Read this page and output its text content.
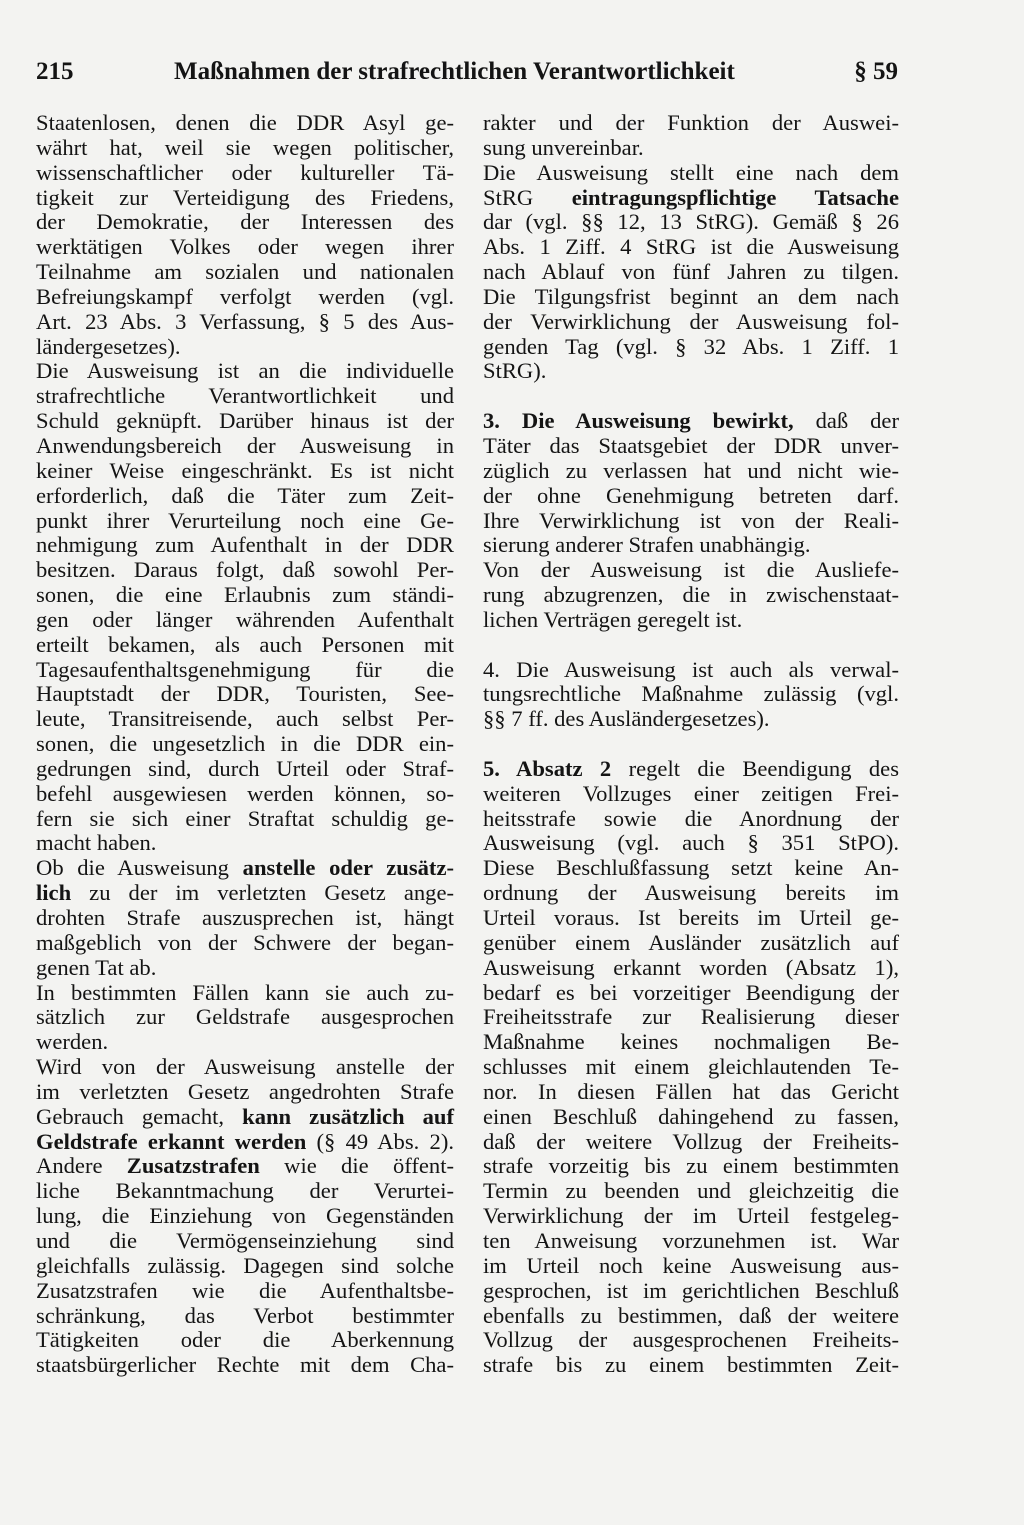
215	Maßnahmen der strafrechtlichen Verantwortlichkeit	§ 59
Staatenlosen, denen die DDR Asyl ge-
währt hat, weil sie wegen politischer,
wissenschaftlicher oder kultureller Tä-
tigkeit zur Verteidigung des Friedens,
der Demokratie, der Interessen des
werktätigen Volkes oder wegen ihrer
Teilnahme am sozialen und nationalen
Befreiungskampf verfolgt werden (vgl.
Art. 23 Abs. 3 Verfassung, § 5 des Aus-
ländergesetzes).
Die Ausweisung ist an die individuelle
strafrechtliche Verantwortlichkeit und
Schuld geknüpft. Darüber hinaus ist der
Anwendungsbereich der Ausweisung in
keiner Weise eingeschränkt. Es ist nicht
erforderlich, daß die Täter zum Zeit-
punkt ihrer Verurteilung noch eine Ge-
nehmigung zum Aufenthalt in der DDR
besitzen. Daraus folgt, daß sowohl Per-
sonen, die eine Erlaubnis zum ständi-
gen oder länger währenden Aufenthalt
erteilt bekamen, als auch Personen mit
Tagesaufenthaltsgenehmigung für die
Hauptstadt der DDR, Touristen, See-
leute, Transitreisende, auch selbst Per-
sonen, die ungesetzlich in die DDR ein-
gedrungen sind, durch Urteil oder Straf-
befehl ausgewiesen werden können, so-
fern sie sich einer Straftat schuldig ge-
macht haben.
Ob die Ausweisung anstelle oder zusätz-
lich zu der im verletzten Gesetz ange-
drohten Strafe auszusprechen ist, hängt
maßgeblich von der Schwere der began-
genen Tat ab.
In bestimmten Fällen kann sie auch zu-
sätzlich zur Geldstrafe ausgesprochen
werden.
Wird von der Ausweisung anstelle der
im verletzten Gesetz angedrohten Strafe
Gebrauch gemacht, kann zusätzlich auf
Geldstrafe erkannt werden (§ 49 Abs. 2).
Andere Zusatzstrafen wie die öffent-
liche Bekanntmachung der Verurtei-
lung, die Einziehung von Gegenständen
und die Vermögenseinziehung sind
gleichfalls zulässig. Dagegen sind solche
Zusatzstrafen wie die Aufenthaltsbe-
schränkung, das Verbot bestimmter
Tätigkeiten oder die Aberkennung
staatsbürgerlicher Rechte mit dem Cha-
rakter und der Funktion der Auswei-
sung unvereinbar.
Die Ausweisung stellt eine nach dem
StRG eintragungspflichtige Tatsache
dar (vgl. §§ 12, 13 StRG). Gemäß § 26
Abs. 1 Ziff. 4 StRG ist die Ausweisung
nach Ablauf von fünf Jahren zu tilgen.
Die Tilgungsfrist beginnt an dem nach
der Verwirklichung der Ausweisung fol-
genden Tag (vgl. § 32 Abs. 1 Ziff. 1
StRG).
3. Die Ausweisung bewirkt, daß der
Täter das Staatsgebiet der DDR unver-
züglich zu verlassen hat und nicht wie-
der ohne Genehmigung betreten darf.
Ihre Verwirklichung ist von der Reali-
sierung anderer Strafen unabhängig.
Von der Ausweisung ist die Ausliefe-
rung abzugrenzen, die in zwischenstaat-
lichen Verträgen geregelt ist.
4. Die Ausweisung ist auch als verwal-
tungsrechtliche Maßnahme zulässig (vgl.
§§ 7 ff. des Ausländergesetzes).
5. Absatz 2 regelt die Beendigung des
weiteren Vollzuges einer zeitigen Frei-
heitsstrafe sowie die Anordnung der
Ausweisung (vgl. auch § 351 StPO).
Diese Beschlußfassung setzt keine An-
ordnung der Ausweisung bereits im
Urteil voraus. Ist bereits im Urteil ge-
genüber einem Ausländer zusätzlich auf
Ausweisung erkannt worden (Absatz 1),
bedarf es bei vorzeitiger Beendigung der
Freiheitsstrafe zur Realisierung dieser
Maßnahme keines nochmaligen Be-
schlusses mit einem gleichlautenden Te-
nor. In diesen Fällen hat das Gericht
einen Beschluß dahingehend zu fassen,
daß der weitere Vollzug der Freiheits-
strafe vorzeitig bis zu einem bestimmten
Termin zu beenden und gleichzeitig die
Verwirklichung der im Urteil festgeleg-
ten Anweisung vorzunehmen ist. War
im Urteil noch keine Ausweisung aus-
gesprochen, ist im gerichtlichen Beschluß
ebenfalls zu bestimmen, daß der weitere
Vollzug der ausgesprochenen Freiheits-
strafe bis zu einem bestimmten Zeit-
